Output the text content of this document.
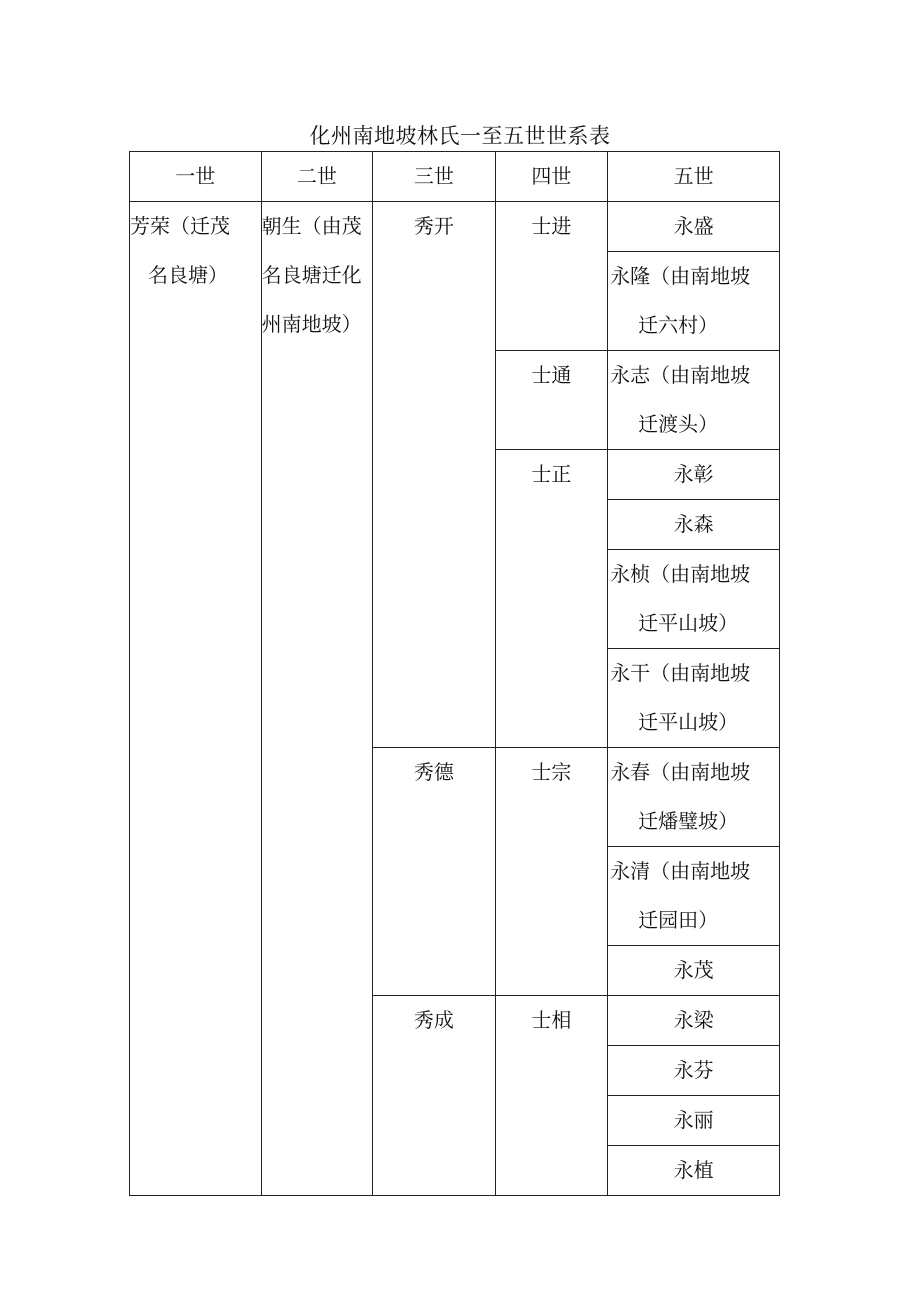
化州南地坡林氏一至五世世系表
一世	二世	三世	四世	五世

芳荣（迁茂
名良塘）	朝生（由茂
名良塘迁化
州南地坡）	秀开	士进	永盛

				永隆（由南地坡
迁六村）

			士通	永志（由南地坡
迁渡头）

			士正	永彰
				永森

				永桢（由南地坡
迁平山坡）

				永干（由南地坡
迁平山坡）

		秀德	士宗	永春（由南地坡
迁燔璧坡）

				永清（由南地坡
迁园田）

				永茂
		秀成	士相	永梁
				永芬
				永丽
				永植
